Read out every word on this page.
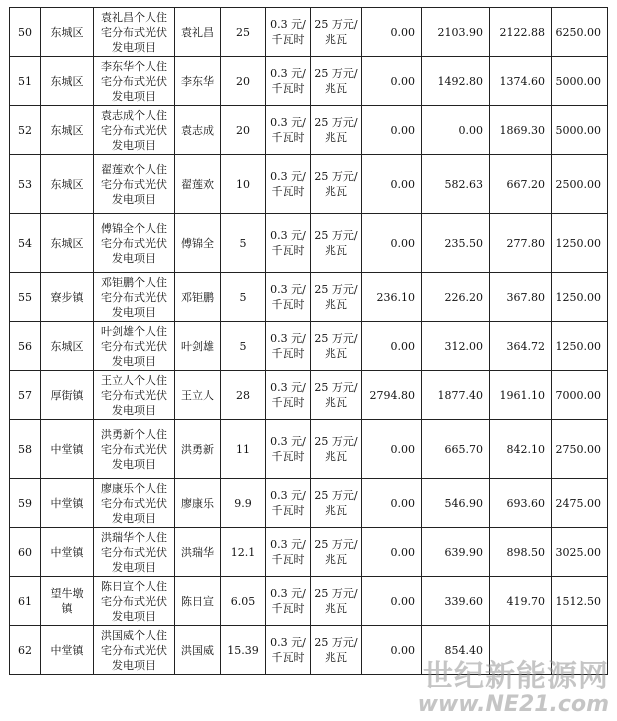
50	东城区	袁礼昌个人住
宅分布式光伏
发电项目	袁礼昌	25	0.3 元/
千瓦时	25 万元/
兆瓦	0.00	2103.90	2122.88	6250.00
51	东城区	李东华个人住
宅分布式光伏
发电项目	李东华	20	0.3 元/
千瓦时	25 万元/
兆瓦	0.00	1492.80	1374.60	5000.00
52	东城区	袁志成个人住
宅分布式光伏
发电项目	袁志成	20	0.3 元/
千瓦时	25 万元/
兆瓦	0.00	0.00	1869.30	5000.00
53	东城区	翟莲欢个人住
宅分布式光伏
发电项目	翟莲欢	10	0.3 元/
千瓦时	25 万元/
兆瓦	0.00	582.63	667.20	2500.00
54	东城区	傅锦全个人住
宅分布式光伏
发电项目	傅锦全	5	0.3 元/
千瓦时	25 万元/
兆瓦	0.00	235.50	277.80	1250.00
55	寮步镇	邓钜鹏个人住
宅分布式光伏
发电项目	邓钜鹏	5	0.3 元/
千瓦时	25 万元/
兆瓦	236.10	226.20	367.80	1250.00
56	东城区	叶剑雄个人住
宅分布式光伏
发电项目	叶剑雄	5	0.3 元/
千瓦时	25 万元/
兆瓦	0.00	312.00	364.72	1250.00
57	厚街镇	王立人个人住
宅分布式光伏
发电项目	王立人	28	0.3 元/
千瓦时	25 万元/
兆瓦	2794.80	1877.40	1961.10	7000.00
58	中堂镇	洪勇新个人住
宅分布式光伏
发电项目	洪勇新	11	0.3 元/
千瓦时	25 万元/
兆瓦	0.00	665.70	842.10	2750.00
59	中堂镇	廖康乐个人住
宅分布式光伏
发电项目	廖康乐	9.9	0.3 元/
千瓦时	25 万元/
兆瓦	0.00	546.90	693.60	2475.00
60	中堂镇	洪瑞华个人住
宅分布式光伏
发电项目	洪瑞华	12.1	0.3 元/
千瓦时	25 万元/
兆瓦	0.00	639.90	898.50	3025.00
61	望牛墩
镇	陈日宣个人住
宅分布式光伏
发电项目	陈日宣	6.05	0.3 元/
千瓦时	25 万元/
兆瓦	0.00	339.60	419.70	1512.50
62	中堂镇	洪国威个人住
宅分布式光伏
发电项目	洪国威	15.39	0.3 元/
千瓦时	25 万元/
兆瓦	0.00	854.40		
世纪新能源网
www.NE21.com
